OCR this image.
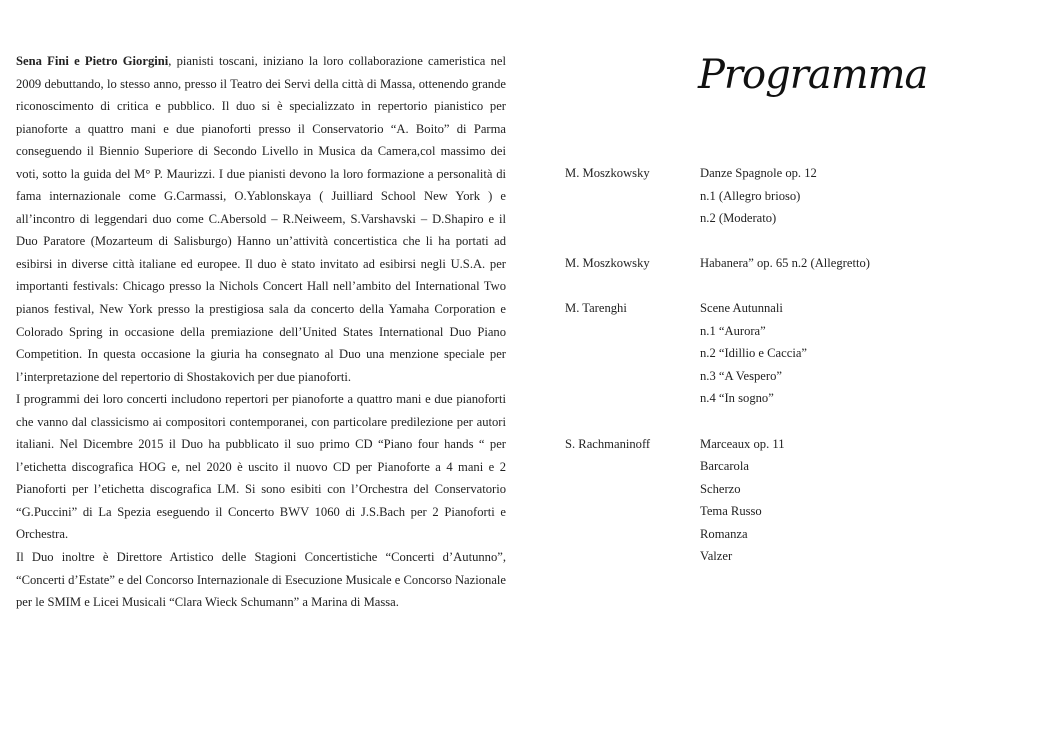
Sena Fini e Pietro Giorgini, pianisti toscani, iniziano la loro collaborazione cameristica nel 2009 debuttando, lo stesso anno, presso il Teatro dei Servi della città di Massa, ottenendo grande riconoscimento di critica e pubblico. Il duo si è specializzato in repertorio pianistico per pianoforte a quattro mani e due pianoforti presso il Conservatorio “A. Boito” di Parma conseguendo il Biennio Superiore di Secondo Livello in Musica da Camera,col massimo dei voti, sotto la guida del M° P. Maurizzi. I due pianisti devono la loro formazione a personalità di fama internazionale come G.Carmassi, O.Yablonskaya ( Juilliard School New York ) e all’incontro di leggendari duo come C.Abersold – R.Neiweem, S.Varshavski – D.Shapiro e il Duo Paratore (Mozarteum di Salisburgo) Hanno un’attività concertistica che li ha portati ad esibirsi in diverse città italiane ed europee. Il duo è stato invitato ad esibirsi negli U.S.A. per importanti festivals: Chicago presso la Nichols Concert Hall nell’ambito del International Two pianos festival, New York presso la prestigiosa sala da concerto della Yamaha Corporation e Colorado Spring in occasione della premiazione dell’United States International Duo Piano Competition. In questa occasione la giuria ha consegnato al Duo una menzione speciale per l’interpretazione del repertorio di Shostakovich per due pianoforti.

I programmi dei loro concerti includono repertori per pianoforte a quattro mani e due pianoforti che vanno dal classicismo ai compositori contemporanei, con particolare predilezione per autori italiani. Nel Dicembre 2015 il Duo ha pubblicato il suo primo CD “Piano four hands “ per l’etichetta discografica HOG e, nel 2020 è uscito il nuovo CD per Pianoforte a 4 mani e 2 Pianoforti per l’etichetta discografica LM. Si sono esibiti con l’Orchestra del Conservatorio “G.Puccini” di La Spezia eseguendo il Concerto BWV 1060 di J.S.Bach per 2 Pianoforti e Orchestra.

Il Duo inoltre è Direttore Artistico delle Stagioni Concertistiche “Concerti d’Autunno”, “Concerti d’Estate” e del Concorso Internazionale di Esecuzione Musicale e Concorso Nazionale per le SMIM e Licei Musicali “Clara Wieck Schumann” a Marina di Massa.

Programma
M. Moszkowsky	Danze Spagnole op. 12
n.1 (Allegro brioso)
n.2 (Moderato)
M. Moszkowsky	Habanera” op. 65 n.2 (Allegretto)
M. Tarenghi	Scene Autunnali
n.1 “Aurora”
n.2 “Idillio e Caccia”
n.3 “A Vespero”
n.4 “In sogno”
S. Rachmaninoff	Marceaux op. 11
Barcarola
Scherzo
Tema Russo
Romanza
Valzer
